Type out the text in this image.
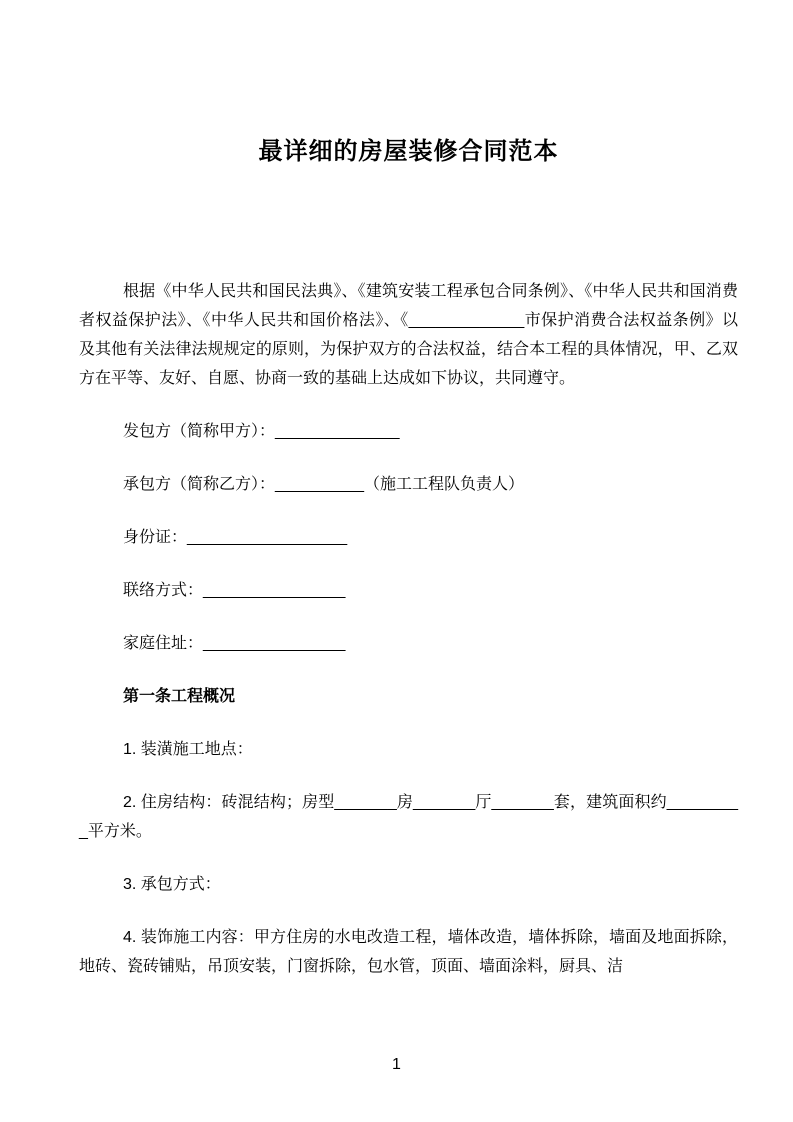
最详细的房屋装修合同范本

根据《中华人民共和国民法典》、《建筑安装工程承包合同条例》、《中华人民共和国消费者权益保护法》、《中华人民共和国价格法》、《_____________市保护消费合法权益条例》以及其他有关法律法规规定的原则，为保护双方的合法权益，结合本工程的具体情况，甲、乙双方在平等、友好、自愿、协商一致的基础上达成如下协议，共同遵守。

发包方（简称甲方）：______________

承包方（简称乙方）：__________（施工工程队负责人）

身份证：__________________

联络方式：________________

家庭住址：________________

第一条工程概况

1. 装潢施工地点：

2. 住房结构：砖混结构；房型_______房_______厅_______套，建筑面积约_________平方米。

3. 承包方式：

4. 装饰施工内容：甲方住房的水电改造工程，墙体改造，墙体拆除，墙面及地面拆除，地砖、瓷砖铺贴，吊顶安装，门窗拆除，包水管，顶面、墙面涂料，厨具、洁

1
